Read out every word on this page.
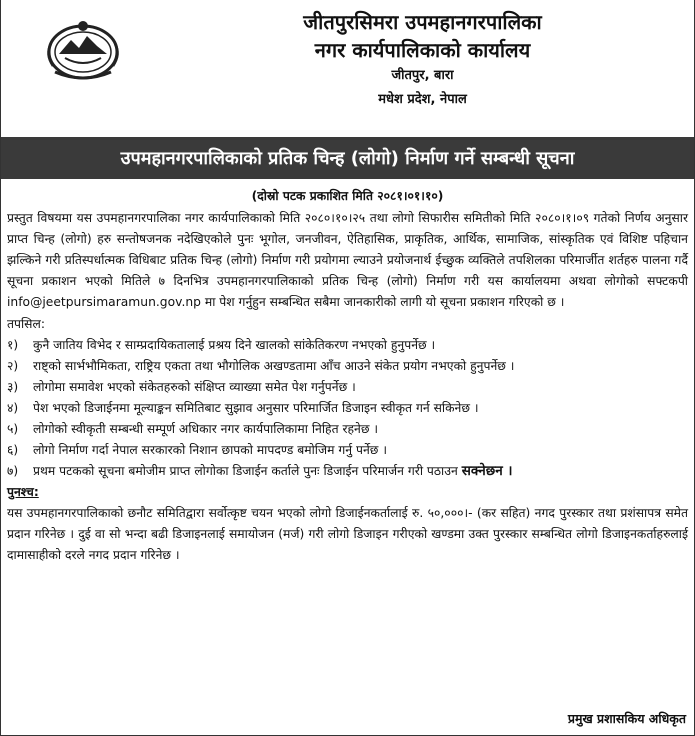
जीतपुरसिमरा उपमहानगरपालिका
नगर कार्यपालिकाको कार्यालय
जीतपुर, बारा
मधेश प्रदेश, नेपाल
उपमहानगरपालिकाको प्रतिक चिन्ह (लोगो) निर्माण गर्ने सम्बन्धी सूचना
(दोस्रो पटक प्रकाशित मिति २०८१।०१।१०)
प्रस्तुत विषयमा यस उपमहानगरपालिका नगर कार्यपालिकाको मिति २०८०।१०।२५ तथा लोगो सिफारीस समितीको मिति २०८०।१।०९ गतेको निर्णय अनुसार प्राप्त चिन्ह (लोगो) हरु सन्तोषजनक नदेखिएकोले पुनः भूगोल, जनजीवन, ऐतिहासिक, प्राकृतिक, आर्थिक, सामाजिक, सांस्कृतिक एवं विशिष्ट पहिचान झल्किने गरी प्रतिस्पर्धात्मक विधिबाट प्रतिक चिन्ह (लोगो) निर्माण गरी प्रयोगमा ल्याउने प्रयोजनार्थ ईच्छुक व्यक्तिले तपशिलका परिमार्जीत शर्तहरु पालना गर्दै सूचना प्रकाशन भएको मितिले ७ दिनभित्र उपमहानगरपालिकाको प्रतिक चिन्ह (लोगो) निर्माण गरी यस कार्यालयमा अथवा लोगोको सफ्टकपी info@jeetpursimaramun.gov.np मा पेश गर्नुहुन सम्बन्धित सबैमा जानकारीको लागी यो सूचना प्रकाशन गरिएको छ ।
तपसिल:
१)	कुनै जातिय विभेद र साम्प्रदायिकतालाई प्रश्रय दिने खालको सांकेतिकरण नभएको हुनुपर्नेछ ।
२)	राष्ट्को सार्भभौमिकता, राष्ट्रिय एकता तथा भौगोलिक अखण्डतामा आँच आउने संकेत प्रयोग नभएको हुनुपर्नेछ ।
३)	लोगोमा समावेश भएको संकेतहरुको संक्षिप्त व्याख्या समेत पेश गर्नुपर्नेछ ।
४)	पेश भएको डिजाईनमा मूल्याङ्कन समितिबाट सुझाव अनुसार परिमार्जित डिजाइन स्वीकृत गर्न सकिनेछ ।
५)	लोगोको स्वीकृती सम्बन्धी सम्पूर्ण अधिकार नगर कार्यपालिकामा निहित रहनेछ ।
६)	लोगो निर्माण गर्दा नेपाल सरकारको निशान छापको मापदण्ड बमोजिम गर्नु पर्नेछ ।
७)	प्रथम पटकको सूचना बमोजीम प्राप्त लोगोका डिजाईन कर्ताले पुनः डिजाईन परिमार्जन गरी पठाउन सक्नेछन ।
पुनश्च:
यस उपमहानगरपालिकाको छनौट समितिद्वारा सर्वोत्कृष्ट चयन भएको लोगो डिजाईनकर्तालाई रु. ५०,०००।- (कर सहित) नगद पुरस्कार तथा प्रशंसापत्र समेत प्रदान गरिनेछ । दुई वा सो भन्दा बढी डिजाइनलाई समायोजन (मर्ज) गरी लोगो डिजाइन गरीएको खण्डमा उक्त पुरस्कार सम्बन्धित लोगो डिजाइनकर्ताहरुलाई दामासाहीको दरले नगद प्रदान गरिनेछ ।
प्रमुख प्रशासकिय अधिकृत
